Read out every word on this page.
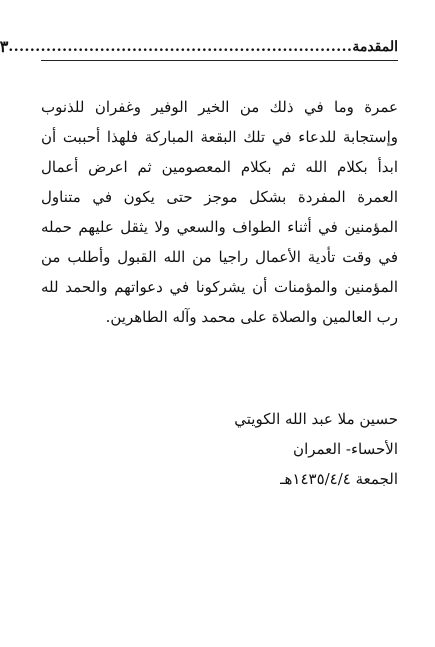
المقدمة
................................................................
٣

عمرة وما في ذلك من الخير الوفير وغفران للذنوب وإستجابة للدعاء في تلك البقعة المباركة فلهذا أحببت أن ابدأ بكلام الله ثم بكلام المعصومين ثم اعرض أعمال العمرة المفردة بشكل موجز حتى يكون في متناول المؤمنين في أثناء الطواف والسعي ولا يثقل عليهم حمله في وقت تأدية الأعمال راجيا من الله القبول وأطلب من المؤمنين والمؤمنات أن يشركونا في دعواتهم والحمد لله رب العالمين والصلاة على محمد وآله الطاهرين.

حسين ملا عبد الله الكويتي
الأحساء- العمران
الجمعة ١٤٣٥/٤/٤هـ
